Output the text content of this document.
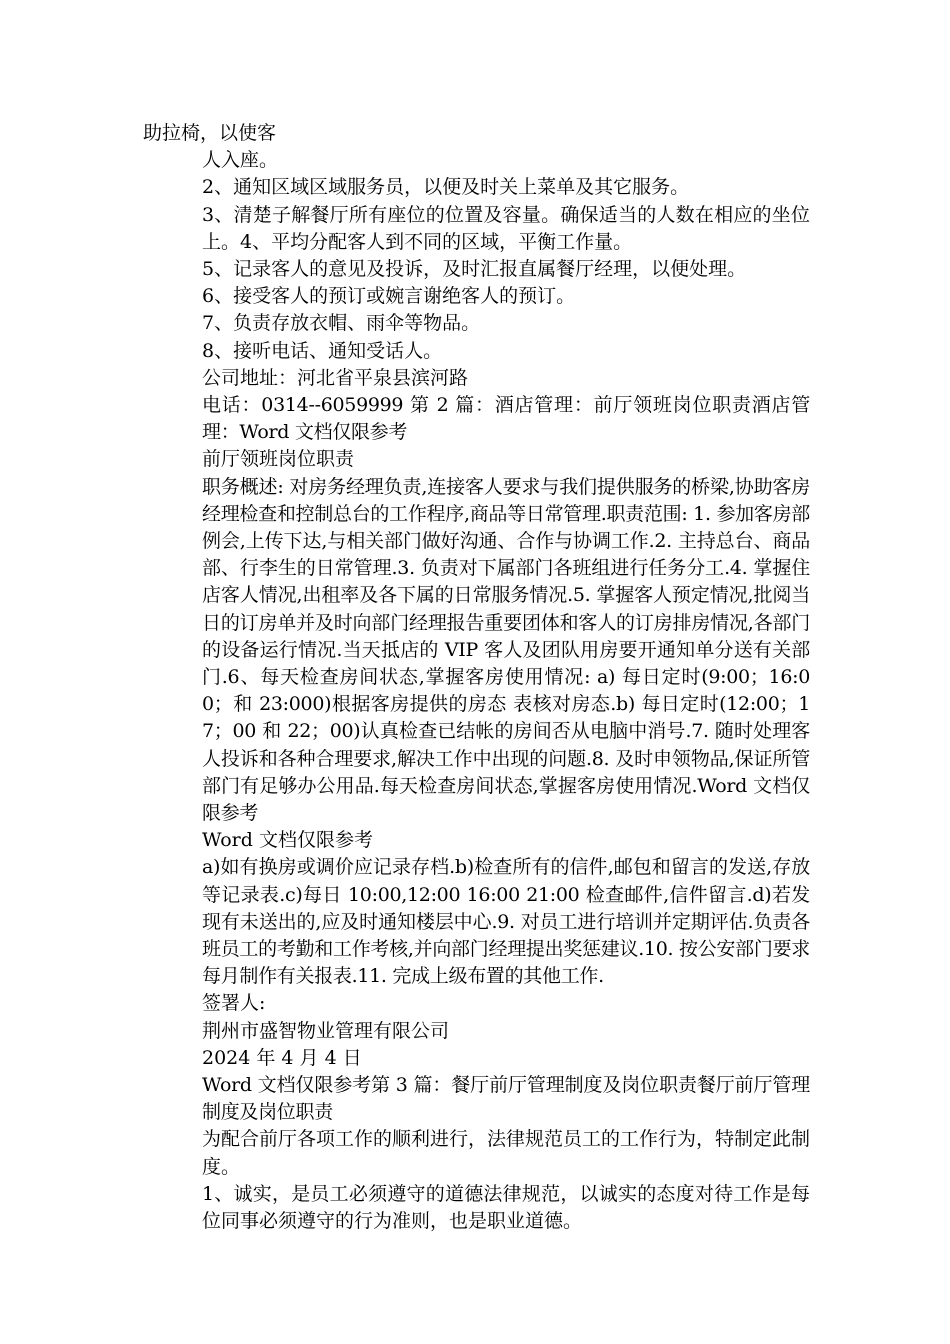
助拉椅，以使客

人入座。

2、通知区域区域服务员，以便及时关上菜单及其它服务。

3、清楚子解餐厅所有座位的位置及容量。确保适当的人数在相应的坐位上。4、平均分配客人到不同的区域，平衡工作量。

5、记录客人的意见及投诉，及时汇报直属餐厅经理，以便处理。

6、接受客人的预订或婉言谢绝客人的预订。

7、负责存放衣帽、雨伞等物品。

8、接听电话、通知受话人。

公司地址：河北省平泉县滨河路

电话：0314--6059999 第 2 篇：酒店管理：前厅领班岗位职责酒店管理：Word 文档仅限参考

前厅领班岗位职责

职务概述: 对房务经理负责,连接客人要求与我们提供服务的桥梁,协助客房经理检查和控制总台的工作程序,商品等日常管理.职责范围: 1. 参加客房部例会,上传下达,与相关部门做好沟通、合作与协调工作.2. 主持总台、商品部、行李生的日常管理.3. 负责对下属部门各班组进行任务分工.4. 掌握住店客人情况,出租率及各下属的日常服务情况.5. 掌握客人预定情况,批阅当日的订房单并及时向部门经理报告重要团体和客人的订房排房情况,各部门的设备运行情况.当天抵店的 VIP 客人及团队用房要开通知单分送有关部门.6、每天检查房间状态,掌握客房使用情况: a) 每日定时(9:00；16:00；和 23:000)根据客房提供的房态 表核对房态.b) 每日定时(12:00；17；00 和 22；00)认真检查已结帐的房间否从电脑中消号.7. 随时处理客人投诉和各种合理要求,解决工作中出现的问题.8. 及时申领物品,保证所管部门有足够办公用品.每天检查房间状态,掌握客房使用情况.Word 文档仅限参考

Word 文档仅限参考

a)如有换房或调价应记录存档.b)检查所有的信件,邮包和留言的发送,存放等记录表.c)每日 10:00,12:00 16:00 21:00 检查邮件,信件留言.d)若发现有未送出的,应及时通知楼层中心.9. 对员工进行培训并定期评估.负责各班员工的考勤和工作考核,并向部门经理提出奖惩建议.10. 按公安部门要求每月制作有关报表.11. 完成上级布置的其他工作.

签署人:

荆州市盛智物业管理有限公司

2024 年 4 月 4 日

Word 文档仅限参考第 3 篇：餐厅前厅管理制度及岗位职责餐厅前厅管理制度及岗位职责

为配合前厅各项工作的顺利进行，法律规范员工的工作行为，特制定此制度。

1、诚实，是员工必须遵守的道德法律规范，以诚实的态度对待工作是每位同事必须遵守的行为准则，也是职业道德。
